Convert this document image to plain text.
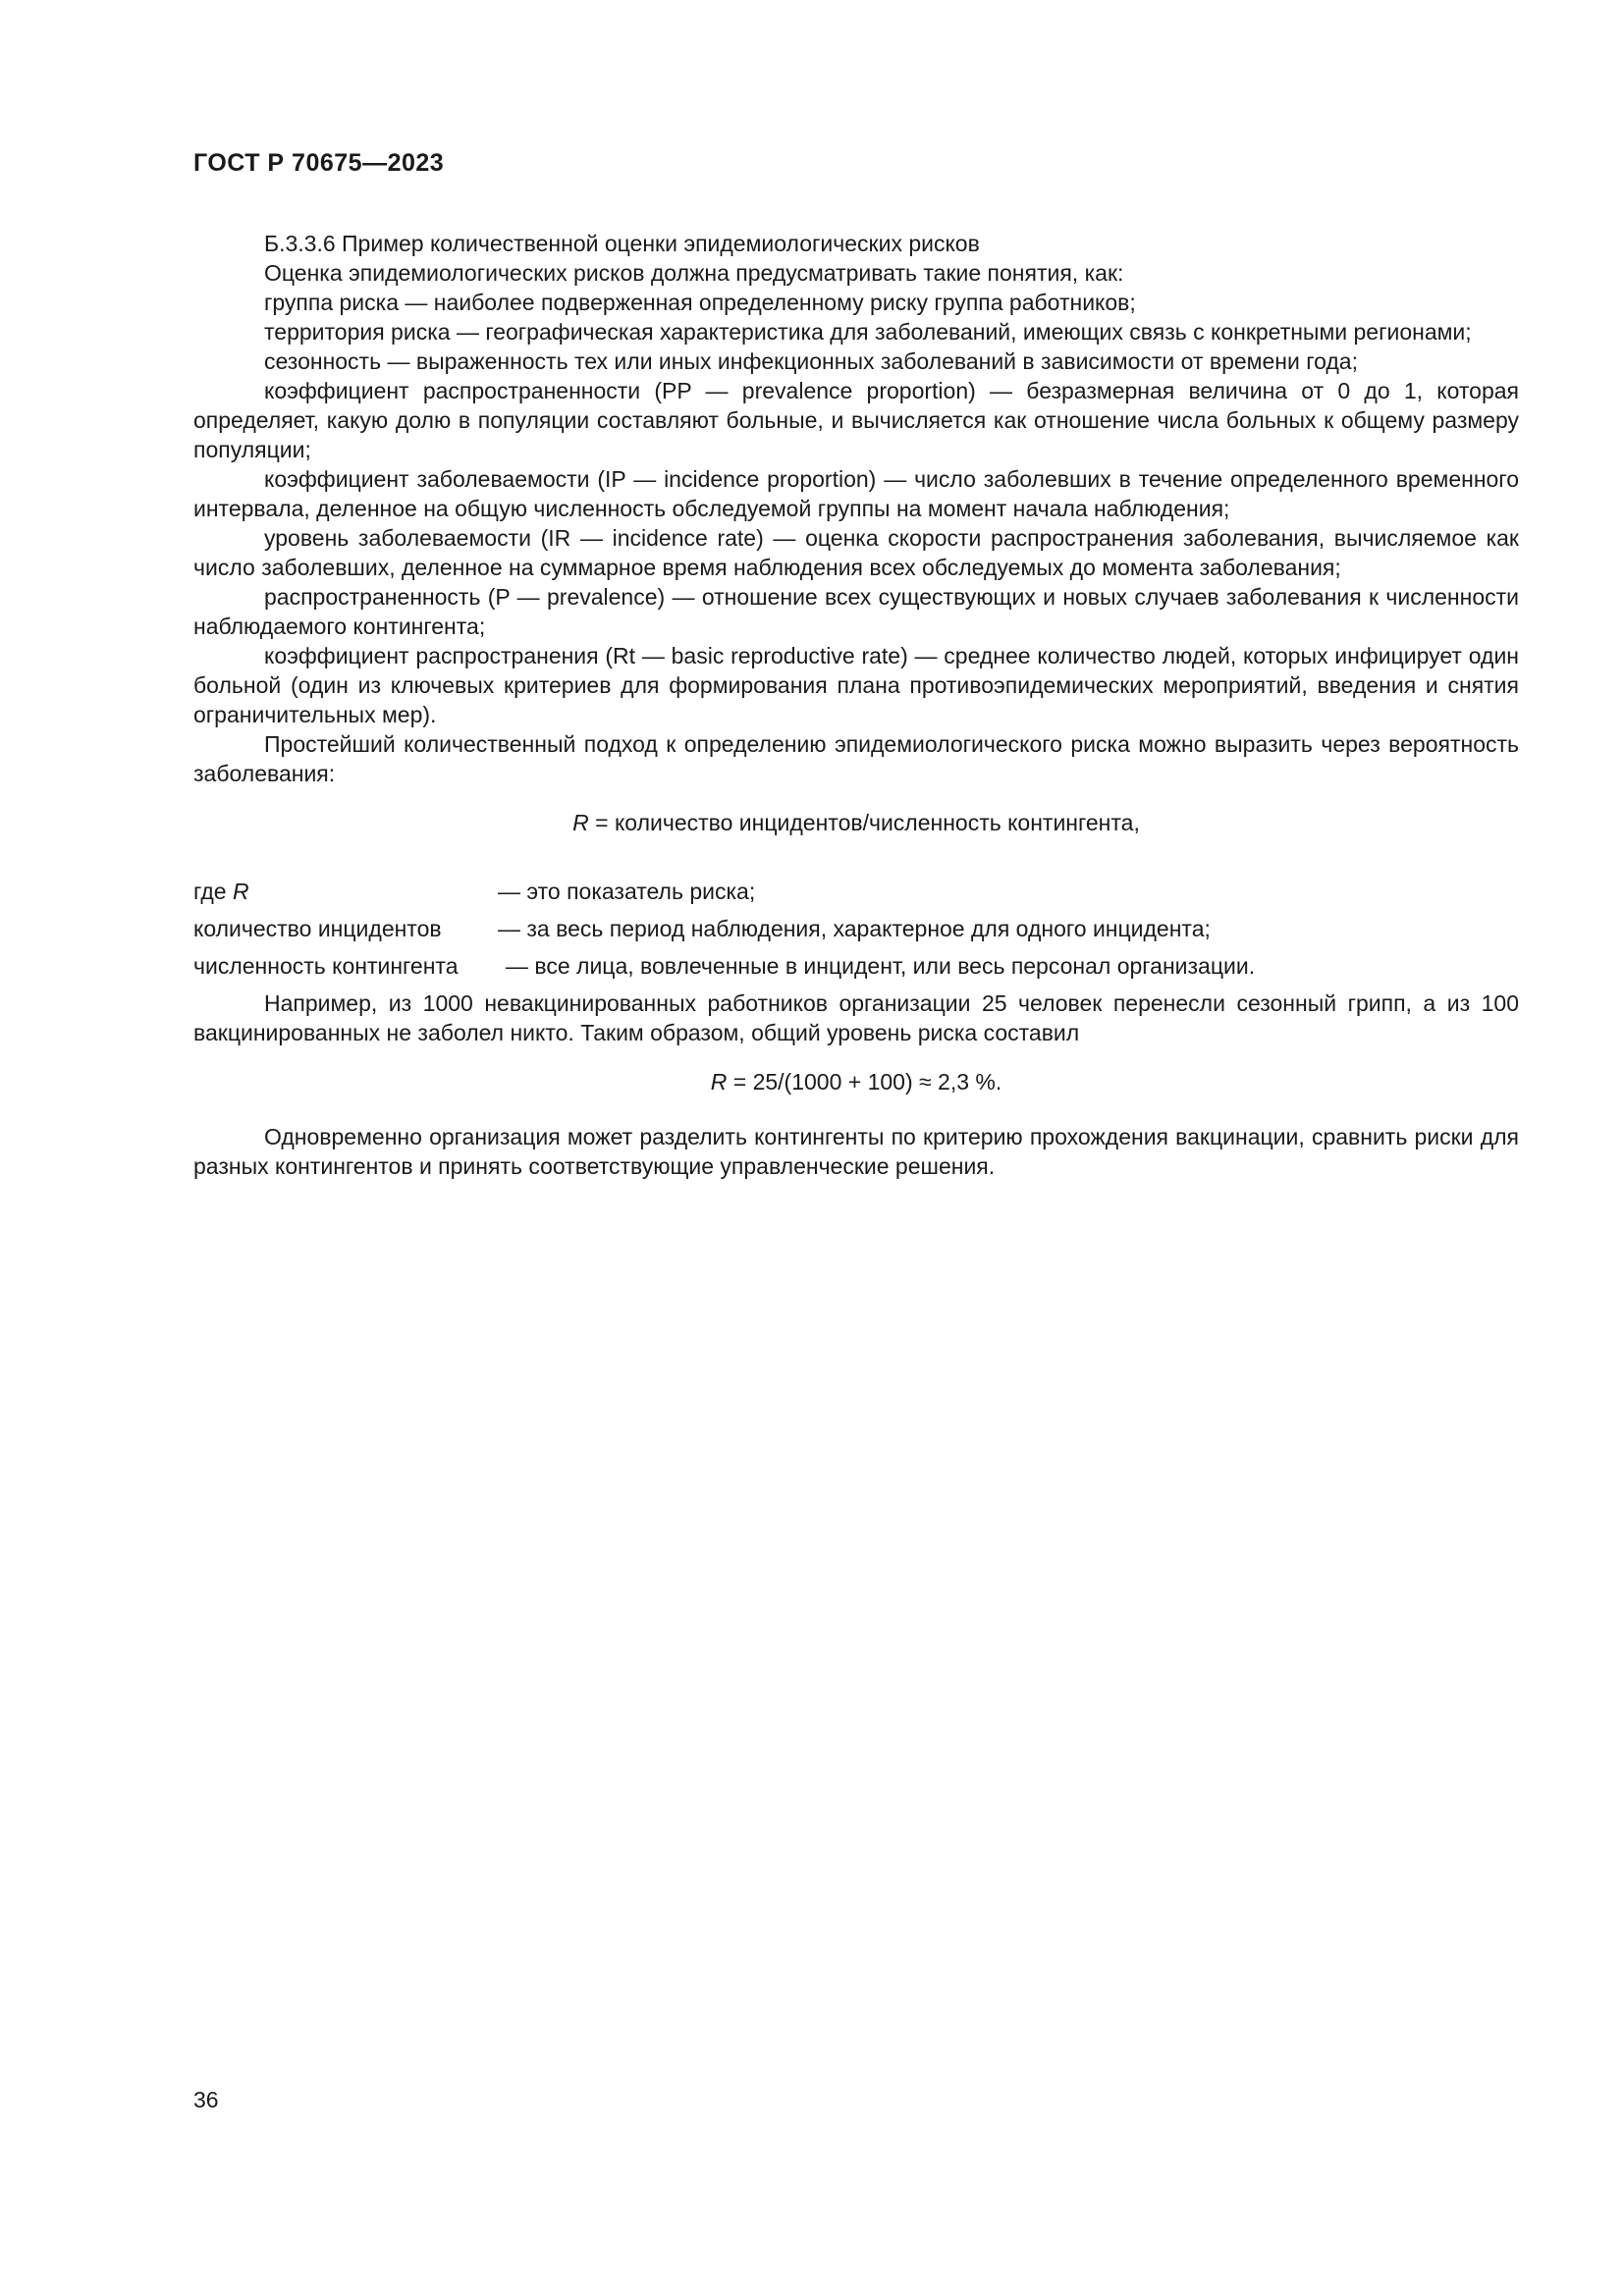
ГОСТ Р 70675—2023

Б.3.3.6 Пример количественной оценки эпидемиологических рисков

Оценка эпидемиологических рисков должна предусматривать такие понятия, как:

группа риска — наиболее подверженная определенному риску группа работников;

территория риска — географическая характеристика для заболеваний, имеющих связь с конкретными регионами;

сезонность — выраженность тех или иных инфекционных заболеваний в зависимости от времени года;

коэффициент распространенности (PP — prevalence proportion) — безразмерная величина от 0 до 1, которая определяет, какую долю в популяции составляют больные, и вычисляется как отношение числа больных к общему размеру популяции;

коэффициент заболеваемости (IP — incidence proportion) — число заболевших в течение определенного временного интервала, деленное на общую численность обследуемой группы на момент начала наблюдения;

уровень заболеваемости (IR — incidence rate) — оценка скорости распространения заболевания, вычисляемое как число заболевших, деленное на суммарное время наблюдения всех обследуемых до момента заболевания;

распространенность (P — prevalence) — отношение всех существующих и новых случаев заболевания к численности наблюдаемого контингента;

коэффициент распространения (Rt — basic reproductive rate) — среднее количество людей, которых инфицирует один больной (один из ключевых критериев для формирования плана противоэпидемических мероприятий, введения и снятия ограничительных мер).

Простейший количественный подход к определению эпидемиологического риска можно выразить через вероятность заболевания:

R = количество инцидентов/численность контингента,
где R	— это показатель риска;
количество инцидентов	— за весь период наблюдения, характерное для одного инцидента;
численность контингента	— все лица, вовлеченные в инцидент, или весь персонал организации.

Например, из 1000 невакцинированных работников организации 25 человек перенесли сезонный грипп, а из 100 вакцинированных не заболел никто. Таким образом, общий уровень риска составил

R = 25/(1000 + 100) ≈ 2,3 %.

Одновременно организация может разделить контингенты по критерию прохождения вакцинации, сравнить риски для разных контингентов и принять соответствующие управленческие решения.

36
